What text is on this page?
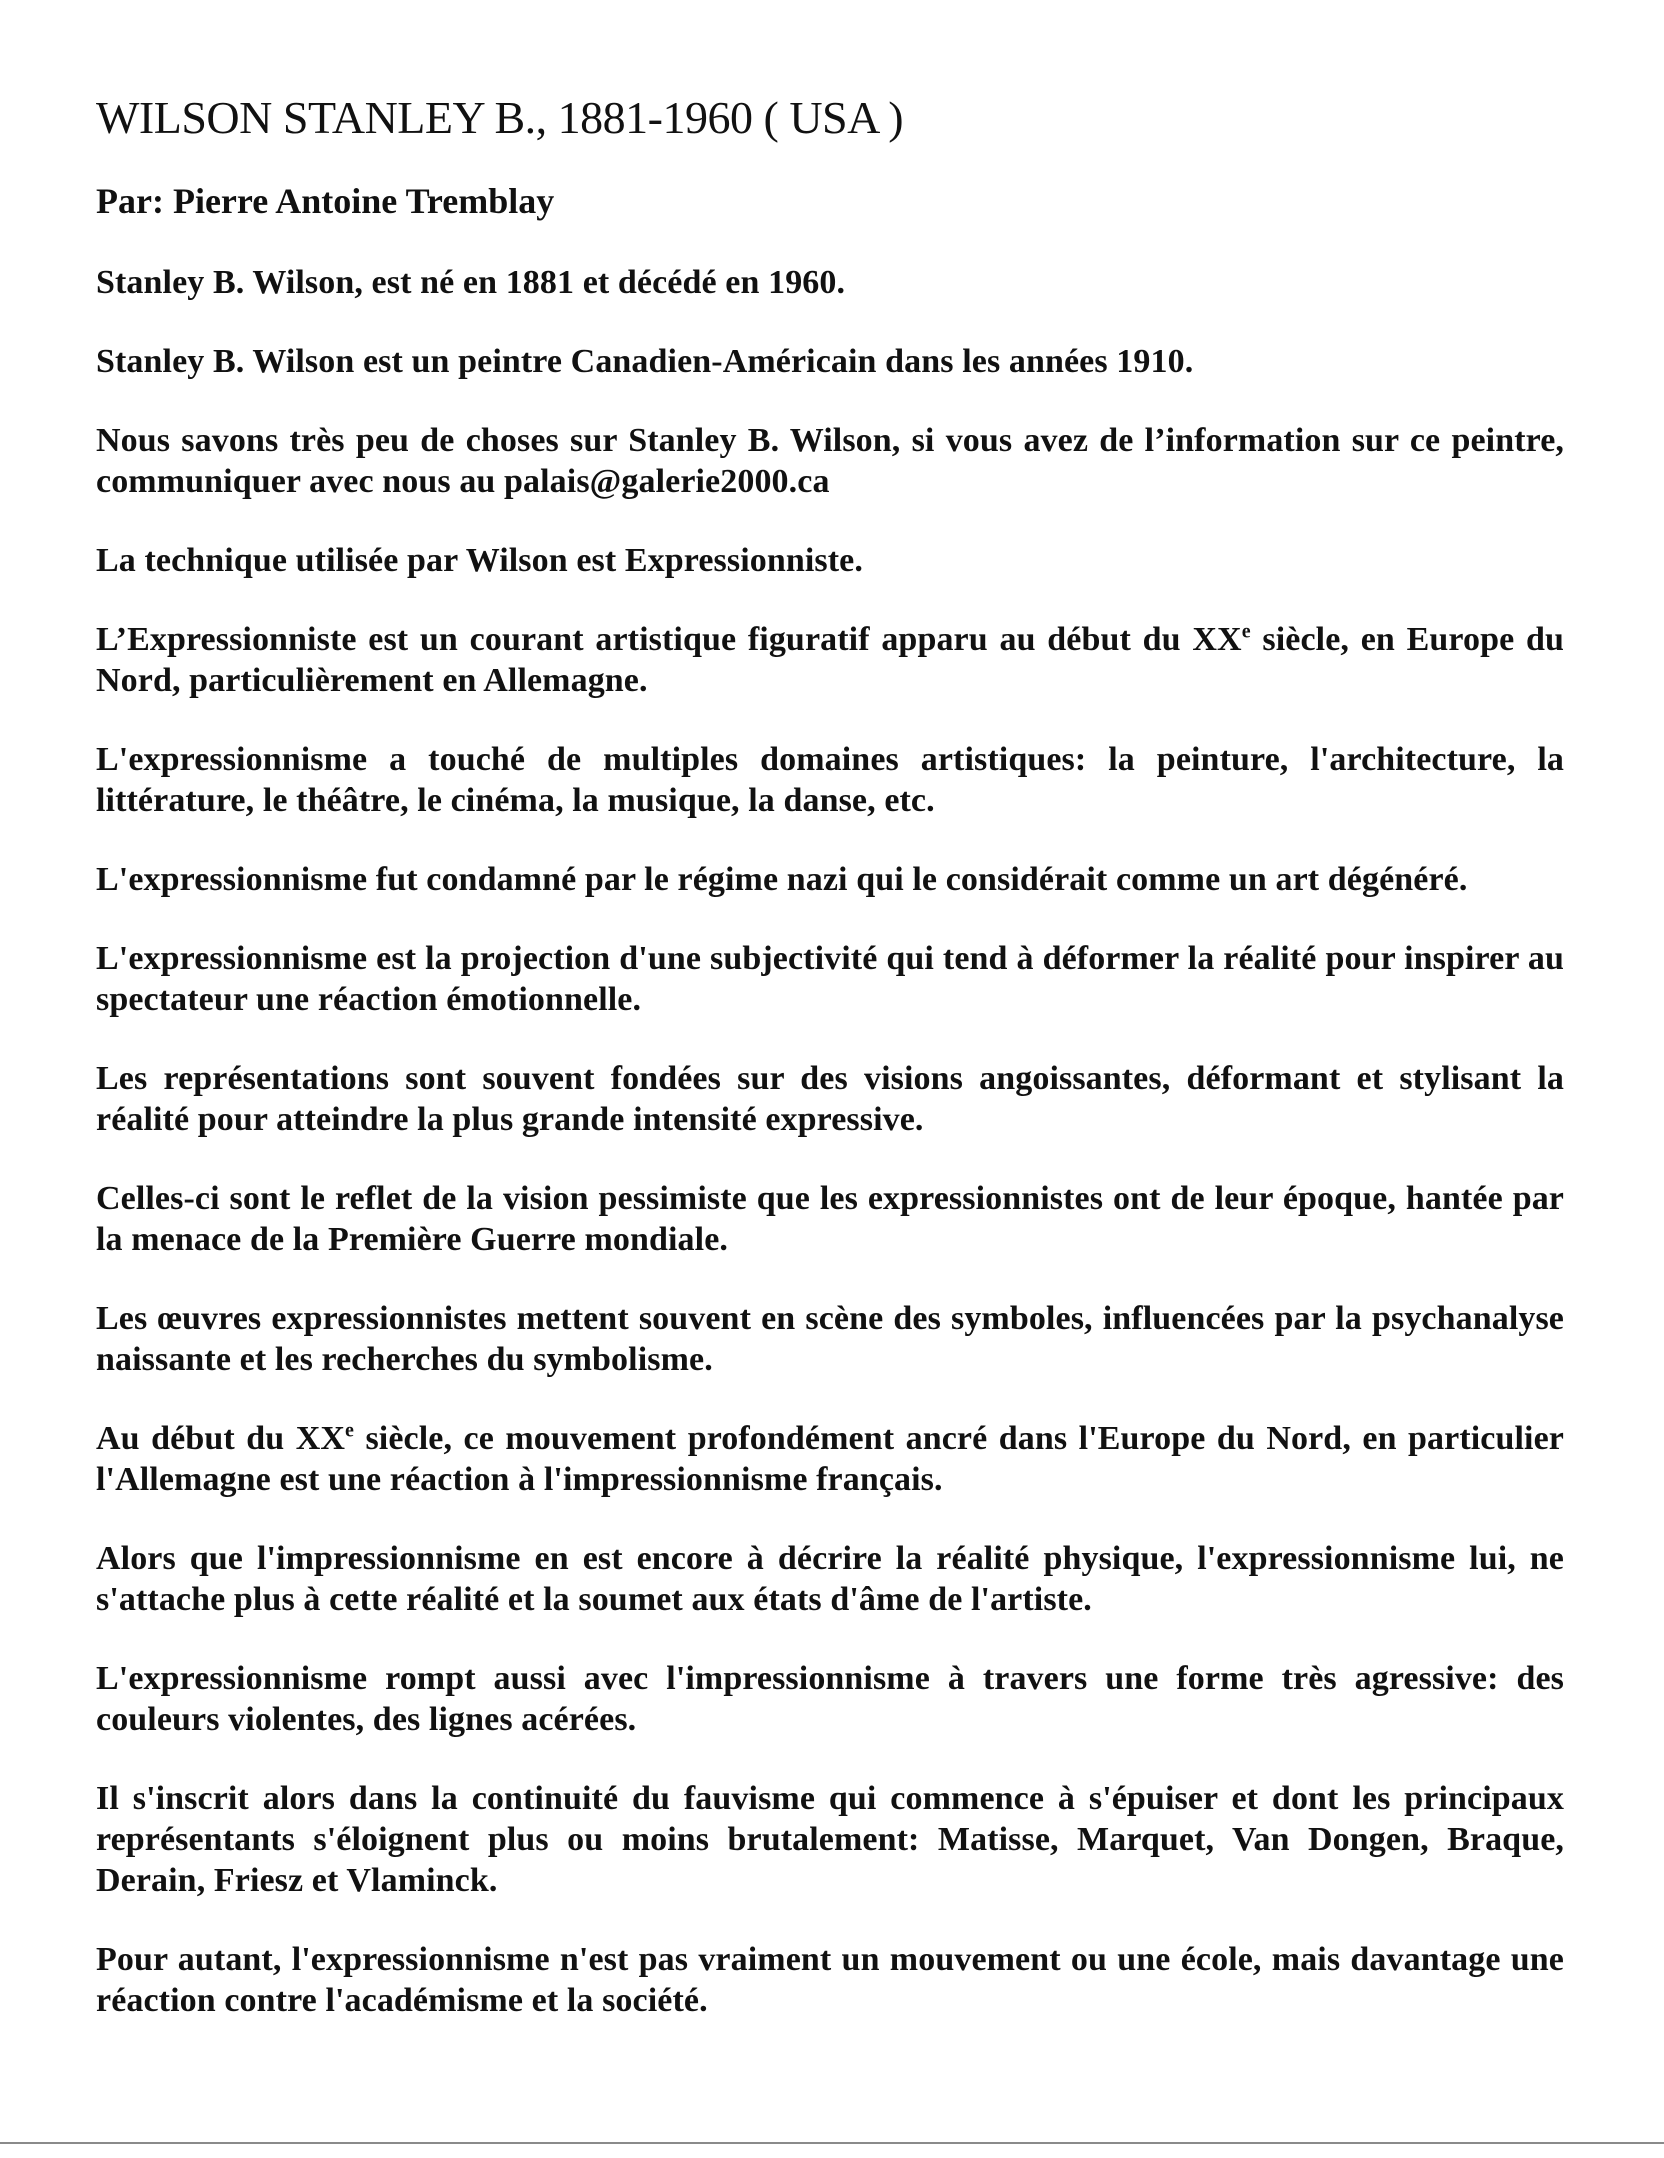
WILSON STANLEY B., 1881-1960 ( USA )
Par: Pierre Antoine Tremblay

Stanley B. Wilson, est né en 1881 et décédé en 1960.

Stanley B. Wilson est un peintre Canadien-Américain dans les années 1910.

Nous savons très peu de choses sur Stanley B. Wilson, si vous avez de l’information sur ce peintre, communiquer avec nous au palais@galerie2000.ca

La technique utilisée par Wilson est Expressionniste.

L’Expressionniste est un courant artistique figuratif apparu au début du XXe siècle, en Europe du Nord, particulièrement en Allemagne.

L'expressionnisme a touché de multiples domaines artistiques: la peinture, l'architecture, la littérature, le théâtre, le cinéma, la musique, la danse, etc.

L'expressionnisme fut condamné par le régime nazi qui le considérait comme un art dégénéré.

L'expressionnisme est la projection d'une subjectivité qui tend à déformer la réalité pour inspirer au spectateur une réaction émotionnelle.

Les représentations sont souvent fondées sur des visions angoissantes, déformant et stylisant la réalité pour atteindre la plus grande intensité expressive.

Celles-ci sont le reflet de la vision pessimiste que les expressionnistes ont de leur époque, hantée par la menace de la Première Guerre mondiale.

Les œuvres expressionnistes mettent souvent en scène des symboles, influencées par la psychanalyse naissante et les recherches du symbolisme.

Au début du XXe siècle, ce mouvement profondément ancré dans l'Europe du Nord, en particulier l'Allemagne est une réaction à l'impressionnisme français.

Alors que l'impressionnisme en est encore à décrire la réalité physique, l'expressionnisme lui, ne s'attache plus à cette réalité et la soumet aux états d'âme de l'artiste.

L'expressionnisme rompt aussi avec l'impressionnisme à travers une forme très agressive: des couleurs violentes, des lignes acérées.

Il s'inscrit alors dans la continuité du fauvisme qui commence à s'épuiser et dont les principaux représentants s'éloignent plus ou moins brutalement: Matisse, Marquet, Van Dongen, Braque, Derain, Friesz et Vlaminck.

Pour autant, l'expressionnisme n'est pas vraiment un mouvement ou une école, mais davantage une réaction contre l'académisme et la société.
